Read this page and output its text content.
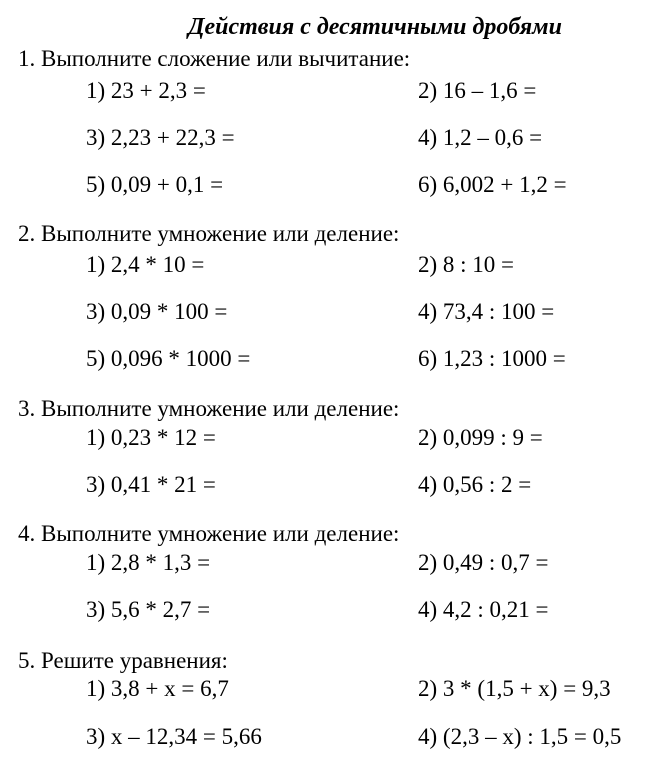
Действия с десятичными дробями
1. Выполните сложение или вычитание:
1) 23 + 2,3 =	2) 16 – 1,6 =
3) 2,23 + 22,3 =	4) 1,2 – 0,6 =
5) 0,09 + 0,1 =	6) 6,002 + 1,2 =
2. Выполните умножение или деление:
1) 2,4 * 10 =	2) 8 : 10 =
3) 0,09 * 100 =	4) 73,4 : 100 =
5) 0,096 * 1000 =	6) 1,23 : 1000 =
3. Выполните умножение или деление:
1) 0,23 * 12 =	2) 0,099 : 9 =
3) 0,41 * 21 =	4) 0,56 : 2 =
4. Выполните умножение или деление:
1) 2,8 * 1,3 =	2) 0,49 : 0,7 =
3) 5,6 * 2,7 =	4) 4,2 : 0,21 =
5. Решите уравнения:
1) 3,8 + x = 6,7	2) 3 * (1,5 + x) = 9,3
3) x – 12,34 = 5,66	4) (2,3 – x) : 1,5 = 0,5
